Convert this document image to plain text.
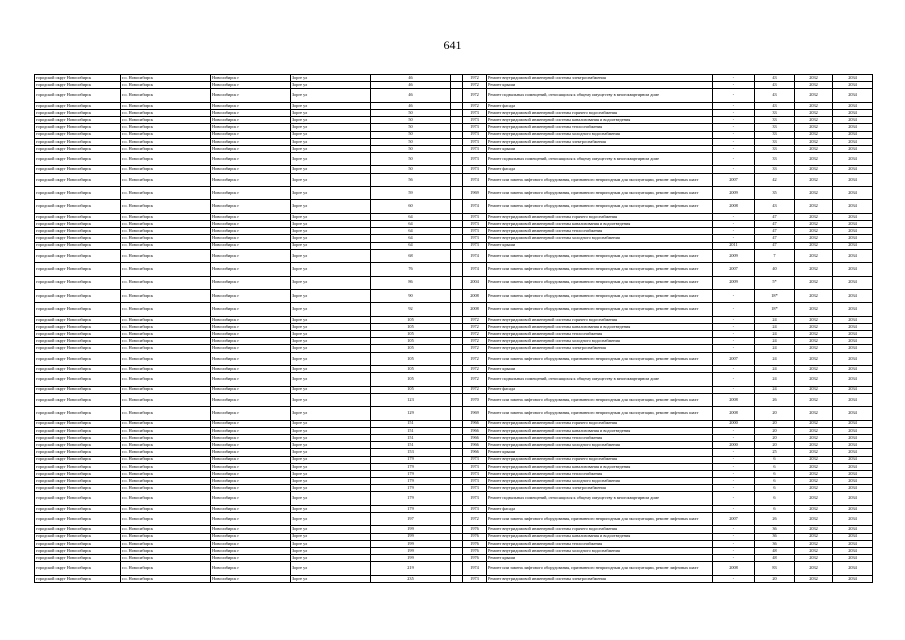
641
городской округ Новосибирск	г.о. Новосибирск	Новосибирск г	Зорге ул	46		1972	Ремонт внутридомовой инженерной системы электроснабжения	-	43	2032	2034
городской округ Новосибирск	г.о. Новосибирск	Новосибирск г	Зорге ул	46		1972	Ремонт крыши	-	43	2032	2034
городской округ Новосибирск	г.о. Новосибирск	Новосибирск г	Зорге ул	46		1972	Ремонт подвальных помещений, относящихся к общему имуществу в многоквартирном доме	-	43	2032	2034
городской округ Новосибирск	г.о. Новосибирск	Новосибирск г	Зорге ул	46		1972	Ремонт фасада	-	43	2032	2034
городской округ Новосибирск	г.о. Новосибирск	Новосибирск г	Зорге ул	50		1973	Ремонт внутридомовой инженерной системы горячего водоснабжения	-	33	2032	2034
городской округ Новосибирск	г.о. Новосибирск	Новосибирск г	Зорге ул	50		1973	Ремонт внутридомовой инженерной системы канализования и водоотведения	-	33	2032	2034
городской округ Новосибирск	г.о. Новосибирск	Новосибирск г	Зорге ул	50		1973	Ремонт внутридомовой инженерной системы теплоснабжения	-	33	2032	2034
городской округ Новосибирск	г.о. Новосибирск	Новосибирск г	Зорге ул	50		1973	Ремонт внутридомовой инженерной системы холодного водоснабжения	-	33	2032	2034
городской округ Новосибирск	г.о. Новосибирск	Новосибирск г	Зорге ул	50		1973	Ремонт внутридомовой инженерной системы электроснабжения	-	33	2032	2034
городской округ Новосибирск	г.о. Новосибирск	Новосибирск г	Зорге ул	50		1973	Ремонт крыши	-	33	2032	2034
городской округ Новосибирск	г.о. Новосибирск	Новосибирск г	Зорге ул	50		1973	Ремонт подвальных помещений, относящихся к общему имуществу в многоквартирном доме	-	33	2032	2034
городской округ Новосибирск	г.о. Новосибирск	Новосибирск г	Зорге ул	50		1973	Ремонт фасада	-	33	2032	2034
городской округ Новосибирск	г.о. Новосибирск	Новосибирск г	Зорге ул	56		1974	Ремонт или замена лифтового оборудования, признанного непригодным для эксплуатации, ремонт лифтовых шахт	2007	42	2032	2034
городской округ Новосибирск	г.о. Новосибирск	Новосибирск г	Зорге ул	59		1969	Ремонт или замена лифтового оборудования, признанного непригодным для эксплуатации, ремонт лифтовых шахт	2009	35	2032	2034
городской округ Новосибирск	г.о. Новосибирск	Новосибирск г	Зорге ул	60		1974	Ремонт или замена лифтового оборудования, признанного непригодным для эксплуатации, ремонт лифтовых шахт	2008	43	2032	2034
городской округ Новосибирск	г.о. Новосибирск	Новосибирск г	Зорге ул	64		1973	Ремонт внутридомовой инженерной системы горячего водоснабжения	-	47	2032	2034
городской округ Новосибирск	г.о. Новосибирск	Новосибирск г	Зорге ул	64		1973	Ремонт внутридомовой инженерной системы канализования и водоотведения	-	47	2032	2034
городской округ Новосибирск	г.о. Новосибирск	Новосибирск г	Зорге ул	64		1973	Ремонт внутридомовой инженерной системы теплоснабжения	-	47	2032	2034
городской округ Новосибирск	г.о. Новосибирск	Новосибирск г	Зорге ул	64		1973	Ремонт внутридомовой инженерной системы холодного водоснабжения	-	47	2032	2034
городской округ Новосибирск	г.о. Новосибирск	Новосибирск г	Зорге ул	64		1973	Ремонт крыши	2011	47	2032	2034
городской округ Новосибирск	г.о. Новосибирск	Новосибирск г	Зорге ул	68		1974	Ремонт или замена лифтового оборудования, признанного непригодным для эксплуатации, ремонт лифтовых шахт	2009	7	2032	2034
городской округ Новосибирск	г.о. Новосибирск	Новосибирск г	Зорге ул	76		1974	Ремонт или замена лифтового оборудования, признанного непригодным для эксплуатации, ремонт лифтовых шахт	2007	40	2032	2034
городской округ Новосибирск	г.о. Новосибирск	Новосибирск г	Зорге ул	86		2004	Ремонт или замена лифтового оборудования, признанного непригодным для эксплуатации, ремонт лифтовых шахт	2009	5*	2032	2034
городской округ Новосибирск	г.о. Новосибирск	Новосибирск г	Зорге ул	90		2008	Ремонт или замена лифтового оборудования, признанного непригодным для эксплуатации, ремонт лифтовых шахт	-	18*	2032	2034
городской округ Новосибирск	г.о. Новосибирск	Новосибирск г	Зорге ул	92		2008	Ремонт или замена лифтового оборудования, признанного непригодным для эксплуатации, ремонт лифтовых шахт	-	18*	2032	2034
городской округ Новосибирск	г.о. Новосибирск	Новосибирск г	Зорге ул	105		1972	Ремонт внутридомовой инженерной системы горячего водоснабжения	-	24	2032	2034
городской округ Новосибирск	г.о. Новосибирск	Новосибирск г	Зорге ул	105		1972	Ремонт внутридомовой инженерной системы канализования и водоотведения	-	24	2032	2034
городской округ Новосибирск	г.о. Новосибирск	Новосибирск г	Зорге ул	105		1972	Ремонт внутридомовой инженерной системы теплоснабжения	-	24	2032	2034
городской округ Новосибирск	г.о. Новосибирск	Новосибирск г	Зорге ул	105		1972	Ремонт внутридомовой инженерной системы холодного водоснабжения	-	24	2032	2034
городской округ Новосибирск	г.о. Новосибирск	Новосибирск г	Зорге ул	105		1972	Ремонт внутридомовой инженерной системы электроснабжения	-	24	2032	2034
городской округ Новосибирск	г.о. Новосибирск	Новосибирск г	Зорге ул	105		1972	Ремонт или замена лифтового оборудования, признанного непригодным для эксплуатации, ремонт лифтовых шахт	2007	24	2032	2034
городской округ Новосибирск	г.о. Новосибирск	Новосибирск г	Зорге ул	105		1972	Ремонт крыши	-	24	2032	2034
городской округ Новосибирск	г.о. Новосибирск	Новосибирск г	Зорге ул	105		1972	Ремонт подвальных помещений, относящихся к общему имуществу в многоквартирном доме	-	24	2032	2034
городской округ Новосибирск	г.о. Новосибирск	Новосибирск г	Зорге ул	105		1972	Ремонт фасада	-	24	2032	2034
городской округ Новосибирск	г.о. Новосибирск	Новосибирск г	Зорге ул	123		1970	Ремонт или замена лифтового оборудования, признанного непригодным для эксплуатации, ремонт лифтовых шахт	2008	26	2032	2034
городской округ Новосибирск	г.о. Новосибирск	Новосибирск г	Зорге ул	129		1969	Ремонт или замена лифтового оборудования, признанного непригодным для эксплуатации, ремонт лифтовых шахт	2008	20	2032	2034
городской округ Новосибирск	г.о. Новосибирск	Новосибирск г	Зорге ул	151		1966	Ремонт внутридомовой инженерной системы горячего водоснабжения	2000	20	2032	2034
городской округ Новосибирск	г.о. Новосибирск	Новосибирск г	Зорге ул	151		1966	Ремонт внутридомовой инженерной системы канализования и водоотведения	-	20	2032	2034
городской округ Новосибирск	г.о. Новосибирск	Новосибирск г	Зорге ул	151		1966	Ремонт внутридомовой инженерной системы теплоснабжения	-	20	2032	2034
городской округ Новосибирск	г.о. Новосибирск	Новосибирск г	Зорге ул	151		1966	Ремонт внутридомовой инженерной системы холодного водоснабжения	2000	20	2032	2034
городской округ Новосибирск	г.о. Новосибирск	Новосибирск г	Зорге ул	153		1966	Ремонт крыши	-	25	2032	2034
городской округ Новосибирск	г.о. Новосибирск	Новосибирск г	Зорге ул	179		1973	Ремонт внутридомовой инженерной системы горячего водоснабжения	-	6	2032	2034
городской округ Новосибирск	г.о. Новосибирск	Новосибирск г	Зорге ул	179		1973	Ремонт внутридомовой инженерной системы канализования и водоотведения	-	6	2032	2034
городской округ Новосибирск	г.о. Новосибирск	Новосибирск г	Зорге ул	179		1973	Ремонт внутридомовой инженерной системы теплоснабжения	-	6	2032	2034
городской округ Новосибирск	г.о. Новосибирск	Новосибирск г	Зорге ул	179		1973	Ремонт внутридомовой инженерной системы холодного водоснабжения	-	6	2032	2034
городской округ Новосибирск	г.о. Новосибирск	Новосибирск г	Зорге ул	179		1973	Ремонт внутридомовой инженерной системы электроснабжения	-	6	2032	2034
городской округ Новосибирск	г.о. Новосибирск	Новосибирск г	Зорге ул	179		1973	Ремонт подвальных помещений, относящихся к общему имуществу в многоквартирном доме	-	6	2032	2034
городской округ Новосибирск	г.о. Новосибирск	Новосибирск г	Зорге ул	179		1973	Ремонт фасада	-	6	2032	2034
городской округ Новосибирск	г.о. Новосибирск	Новосибирск г	Зорге ул	197		1972	Ремонт или замена лифтового оборудования, признанного непригодным для эксплуатации, ремонт лифтовых шахт	2007	26	2032	2034
городской округ Новосибирск	г.о. Новосибирск	Новосибирск г	Зорге ул	199		1976	Ремонт внутридомовой инженерной системы горячего водоснабжения	-	36	2032	2034
городской округ Новосибирск	г.о. Новосибирск	Новосибирск г	Зорге ул	199		1976	Ремонт внутридомовой инженерной системы канализования и водоотведения	-	36	2032	2034
городской округ Новосибирск	г.о. Новосибирск	Новосибирск г	Зорге ул	199		1976	Ремонт внутридомовой инженерной системы теплоснабжения	-	36	2032	2034
городской округ Новосибирск	г.о. Новосибирск	Новосибирск г	Зорге ул	199		1976	Ремонт внутридомовой инженерной системы холодного водоснабжения	-	48	2032	2034
городской округ Новосибирск	г.о. Новосибирск	Новосибирск г	Зорге ул	199		1976	Ремонт крыши	-	48	2032	2034
городской округ Новосибирск	г.о. Новосибирск	Новосибирск г	Зорге ул	219		1974	Ремонт или замена лифтового оборудования, признанного непригодным для эксплуатации, ремонт лифтовых шахт	2008	83	2032	2034
городской округ Новосибирск	г.о. Новосибирск	Новосибирск г	Зорге ул	235		1973	Ремонт внутридомовой инженерной системы электроснабжения	-	20	2032	2034
